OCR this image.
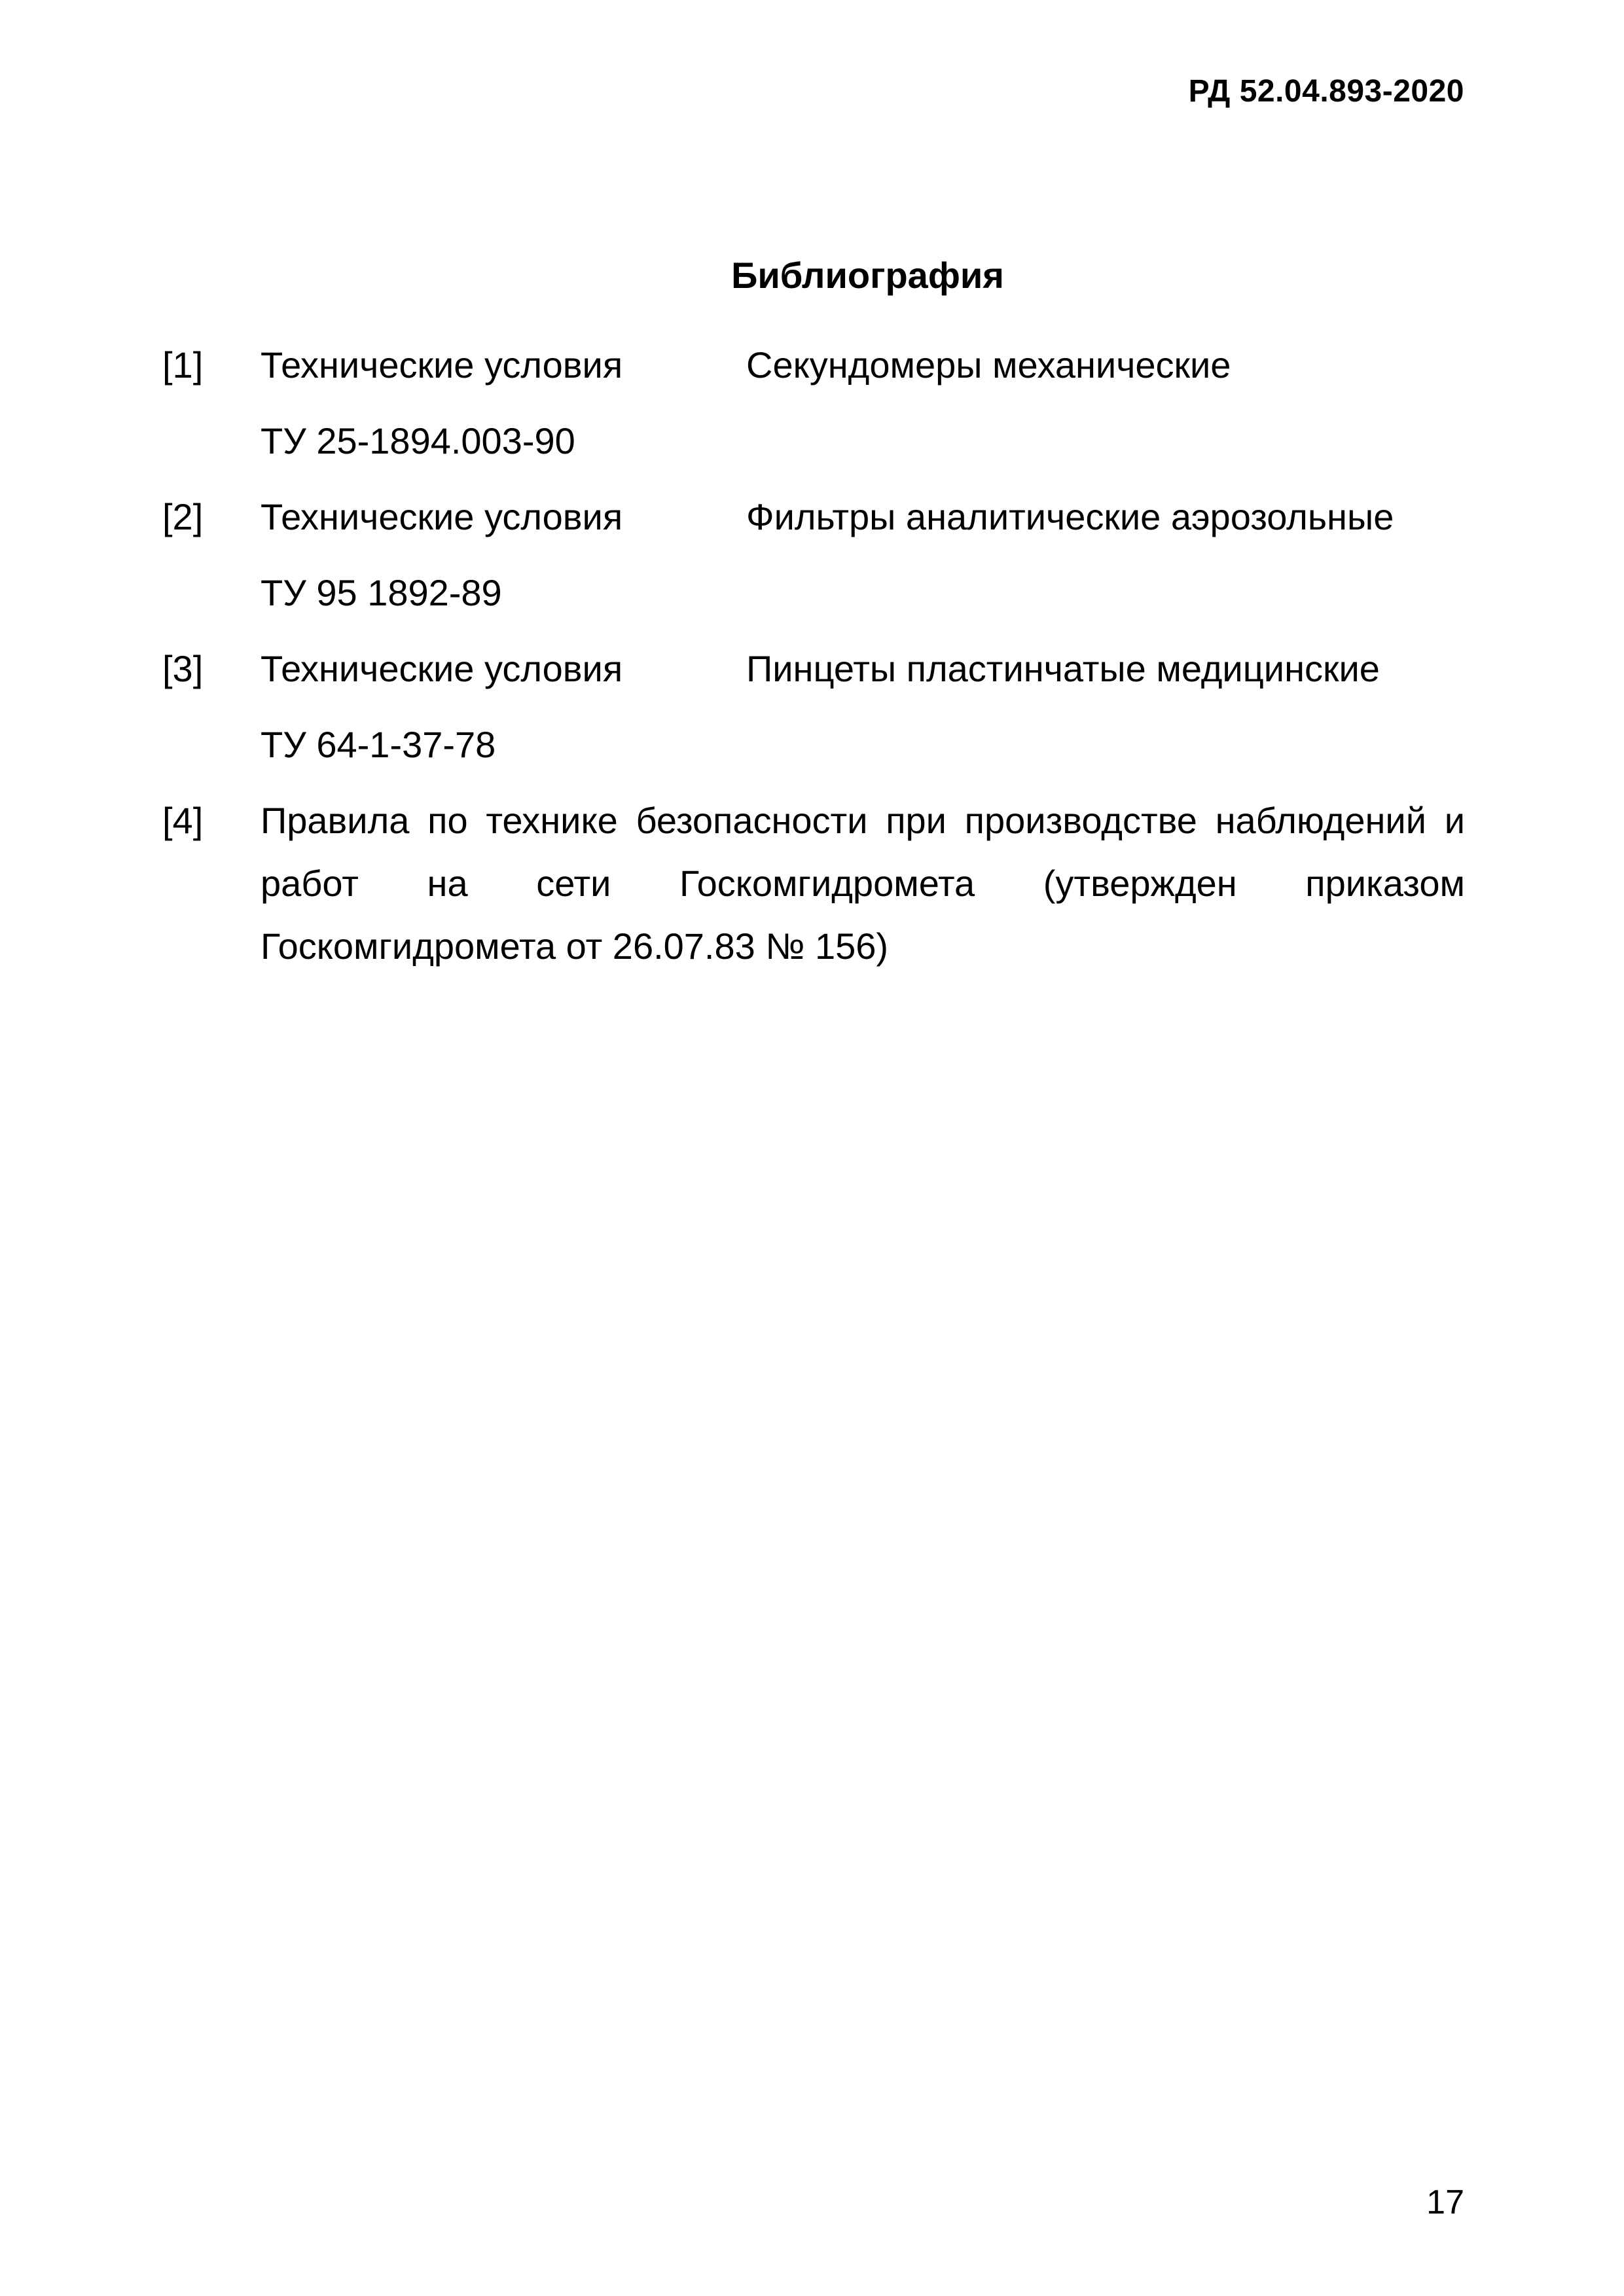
РД 52.04.893-2020
Библиография
[1] Технические условия
ТУ 25-1894.003-90
Секундомеры механические
[2] Технические условия
ТУ 95 1892-89
Фильтры аналитические аэрозольные
[3] Технические условия
ТУ 64-1-37-78
Пинцеты пластинчатые медицинские
[4] Правила по технике безопасности при производстве наблюдений и работ на сети Госкомгидромета (утвержден приказом Госкомгидромета от 26.07.83 № 156)
17
